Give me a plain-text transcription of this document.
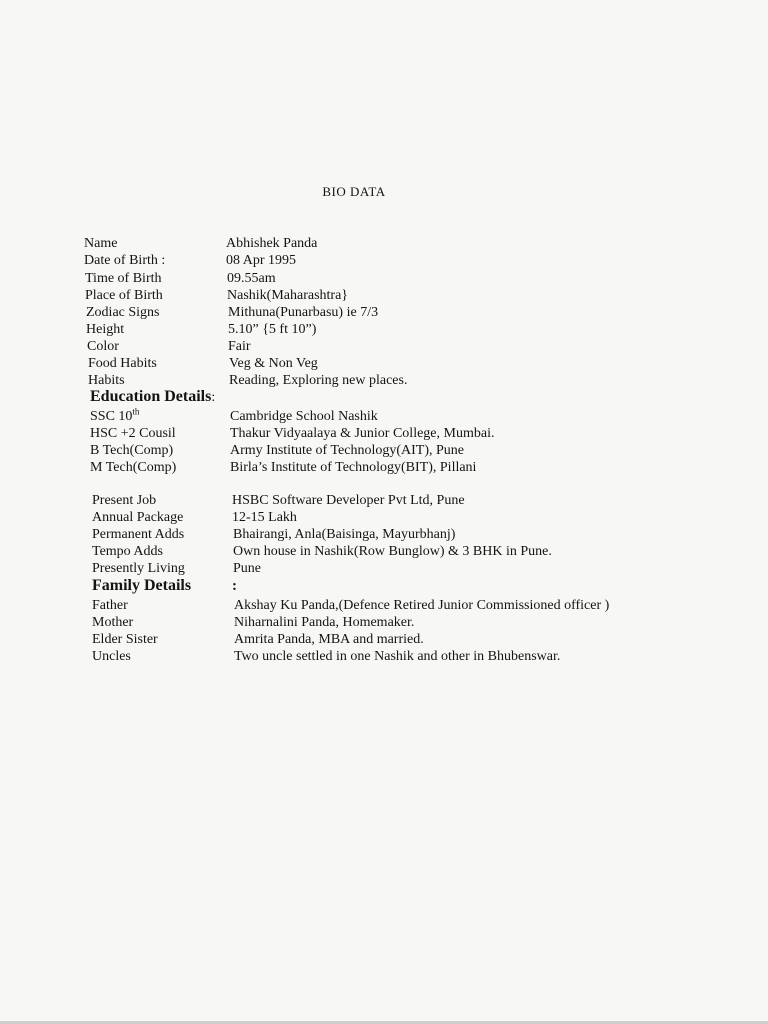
BIO DATA
Name	Abhishek Panda
Date of Birth :	08 Apr 1995
Time of Birth	09.55am
Place of Birth	Nashik(Maharashtra}
Zodiac Signs	Mithuna(Punarbasu) ie 7/3
Height	5.10” {5 ft 10”)
Color	Fair
Food Habits	Veg & Non Veg
Habits	Reading, Exploring new places.
Education Details:
SSC 10th	Cambridge School Nashik
HSC +2 Cousil	Thakur Vidyaalaya & Junior College, Mumbai.
B Tech(Comp)	Army Institute of Technology(AIT), Pune
M Tech(Comp)	Birla’s Institute of Technology(BIT), Pillani
Present Job	HSBC Software Developer Pvt Ltd, Pune
Annual Package	12-15 Lakh
Permanent Adds	Bhairangi, Anla(Baisinga, Mayurbhanj)
Tempo Adds	Own house in Nashik(Row Bunglow) & 3 BHK in Pune.
Presently Living	Pune
Family Details	:
Father	Akshay Ku Panda,(Defence Retired Junior Commissioned officer )
Mother	Niharnalini Panda, Homemaker.
Elder Sister	Amrita Panda, MBA and married.
Uncles	Two uncle settled in one Nashik and other in Bhubenswar.
